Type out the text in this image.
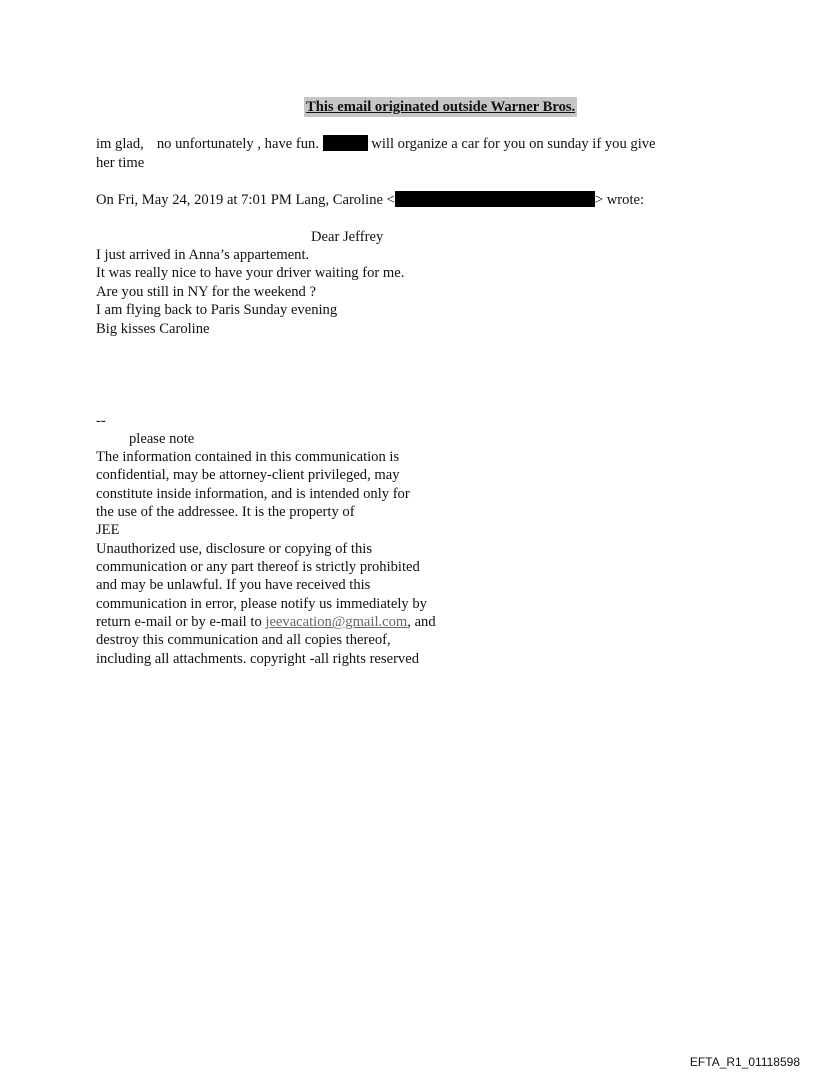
This email originated outside Warner Bros.
im glad, no unfortunately , have fun.	will organize a car for you on sunday if you give
her time
On Fri, May 24, 2019 at 7:01 PM Lang, Caroline <	> wrote:
Dear Jeffrey
I just arrived in Anna’s appartement.
It was really nice to have your driver waiting for me.
Are you still in NY for the weekend ?
I am flying back to Paris Sunday evening
Big kisses Caroline
--
please note
The information contained in this communication is
confidential, may be attorney-client privileged, may
constitute inside information, and is intended only for
the use of the addressee. It is the property of
JEE
Unauthorized use, disclosure or copying of this
communication or any part thereof is strictly prohibited
and may be unlawful. If you have received this
communication in error, please notify us immediately by
return e-mail or by e-mail to jeevacation@gmail.com, and
destroy this communication and all copies thereof,
including all attachments. copyright -all rights reserved
EFTA_R1_01118598
